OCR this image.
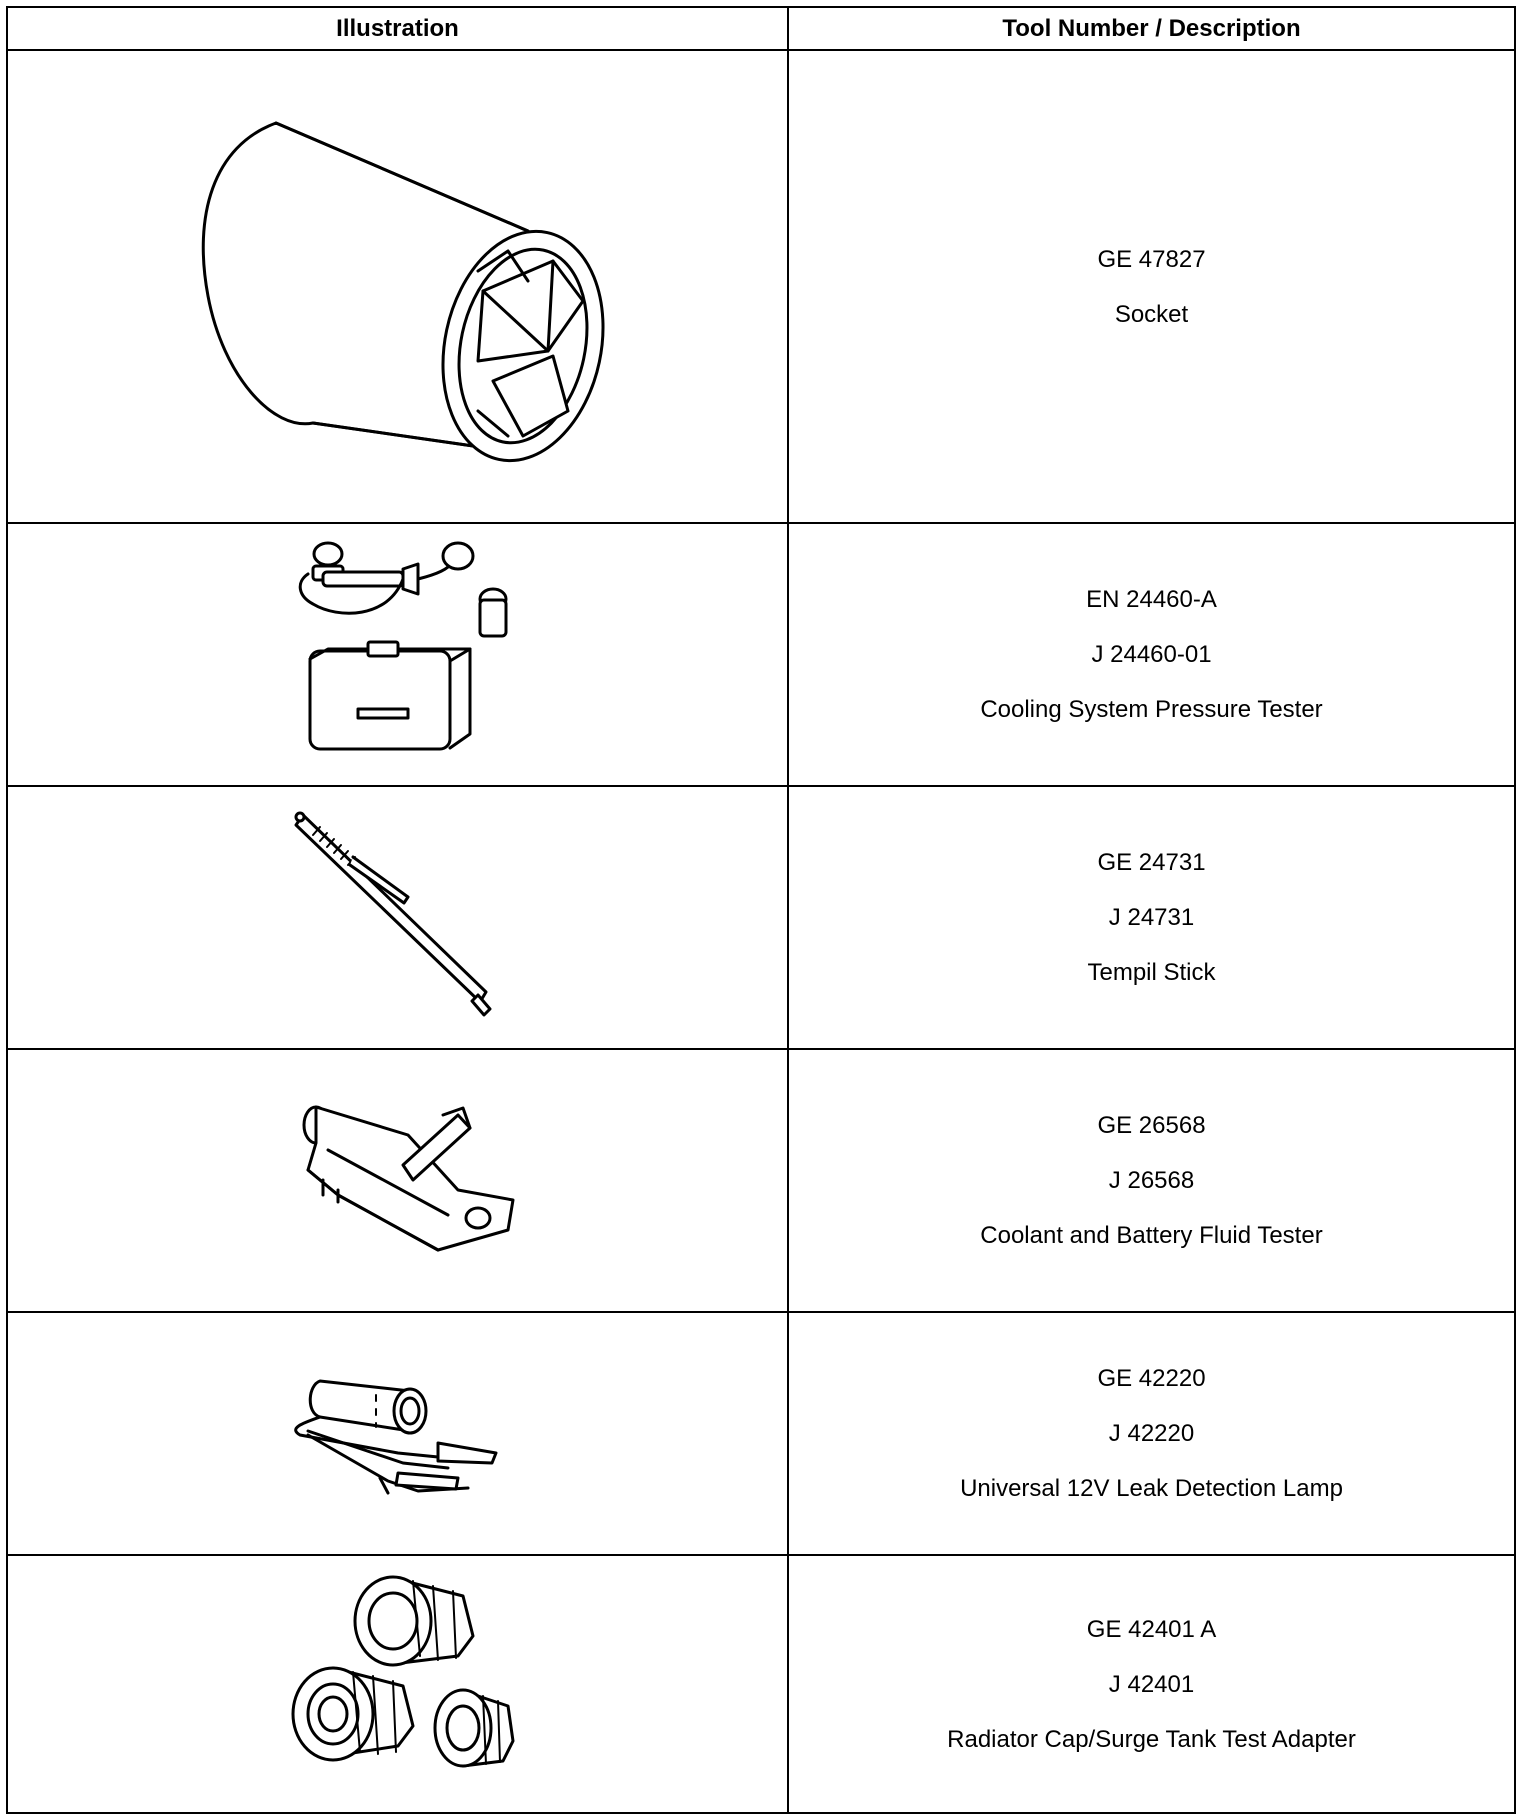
Illustration	Tool Number / Description

GE 47827
Socket

EN 24460-A
J 24460-01
Cooling System Pressure Tester

GE 24731
J 24731
Tempil Stick

GE 26568
J 26568
Coolant and Battery Fluid Tester

GE 42220
J 42220
Universal 12V Leak Detection Lamp

GE 42401 A
J 42401
Radiator Cap/Surge Tank Test Adapter
